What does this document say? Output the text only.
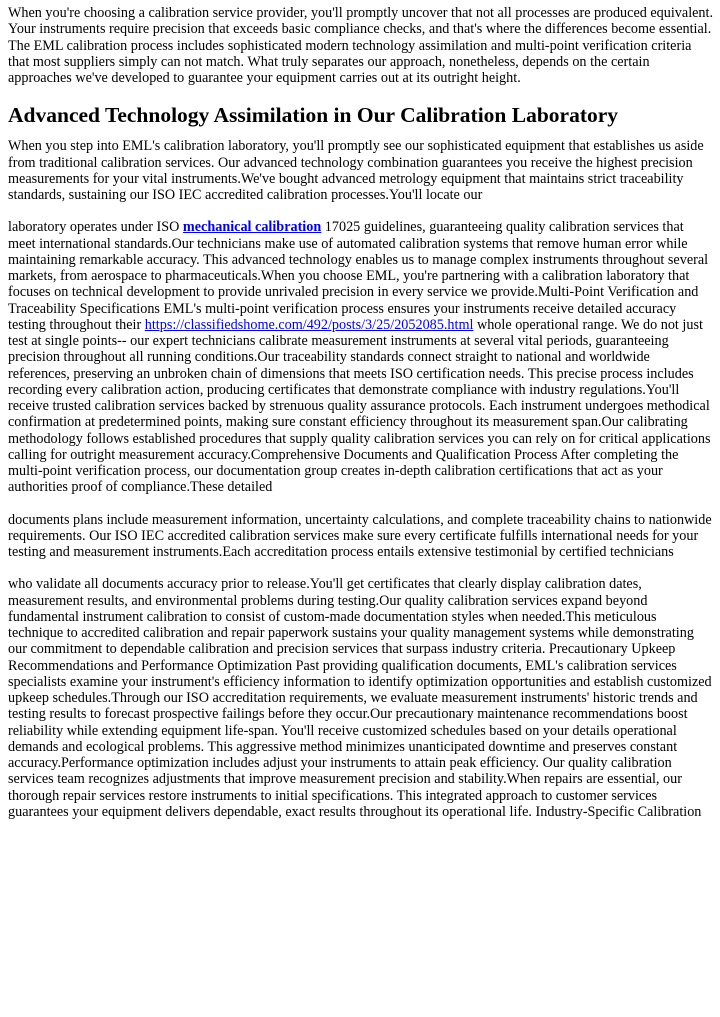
When you're choosing a calibration service provider, you'll promptly uncover that not all processes are produced equivalent. Your instruments require precision that exceeds basic compliance checks, and that's where the differences become essential. The EML calibration process includes sophisticated modern technology assimilation and multi-point verification criteria that most suppliers simply can not match. What truly separates our approach, nonetheless, depends on the certain approaches we've developed to guarantee your equipment carries out at its outright height.

Advanced Technology Assimilation in Our Calibration Laboratory

When you step into EML's calibration laboratory, you'll promptly see our sophisticated equipment that establishes us aside from traditional calibration services. Our advanced technology combination guarantees you receive the highest precision measurements for your vital instruments.We've bought advanced metrology equipment that maintains strict traceability standards, sustaining our ISO IEC accredited calibration processes.You'll locate our

laboratory operates under ISO mechanical calibration 17025 guidelines, guaranteeing quality calibration services that meet international standards.Our technicians make use of automated calibration systems that remove human error while maintaining remarkable accuracy. This advanced technology enables us to manage complex instruments throughout several markets, from aerospace to pharmaceuticals.When you choose EML, you're partnering with a calibration laboratory that focuses on technical development to provide unrivaled precision in every service we provide.Multi-Point Verification and Traceability Specifications EML's multi-point verification process ensures your instruments receive detailed accuracy testing throughout their https://classifiedshome.com/492/posts/3/25/2052085.html whole operational range. We do not just test at single points-- our expert technicians calibrate measurement instruments at several vital periods, guaranteeing precision throughout all running conditions.Our traceability standards connect straight to national and worldwide references, preserving an unbroken chain of dimensions that meets ISO certification needs. This precise process includes recording every calibration action, producing certificates that demonstrate compliance with industry regulations.You'll receive trusted calibration services backed by strenuous quality assurance protocols. Each instrument undergoes methodical confirmation at predetermined points, making sure constant efficiency throughout its measurement span.Our calibrating methodology follows established procedures that supply quality calibration services you can rely on for critical applications calling for outright measurement accuracy.Comprehensive Documents and Qualification Process After completing the multi-point verification process, our documentation group creates in-depth calibration certifications that act as your authorities proof of compliance.These detailed

documents plans include measurement information, uncertainty calculations, and complete traceability chains to nationwide requirements. Our ISO IEC accredited calibration services make sure every certificate fulfills international needs for your testing and measurement instruments.Each accreditation process entails extensive testimonial by certified technicians

who validate all documents accuracy prior to release.You'll get certificates that clearly display calibration dates, measurement results, and environmental problems during testing.Our quality calibration services expand beyond fundamental instrument calibration to consist of custom-made documentation styles when needed.This meticulous technique to accredited calibration and repair paperwork sustains your quality management systems while demonstrating our commitment to dependable calibration and precision services that surpass industry criteria. Precautionary Upkeep Recommendations and Performance Optimization Past providing qualification documents, EML's calibration services specialists examine your instrument's efficiency information to identify optimization opportunities and establish customized upkeep schedules.Through our ISO accreditation requirements, we evaluate measurement instruments' historic trends and testing results to forecast prospective failings before they occur.Our precautionary maintenance recommendations boost reliability while extending equipment life-span. You'll receive customized schedules based on your details operational demands and ecological problems. This aggressive method minimizes unanticipated downtime and preserves constant accuracy.Performance optimization includes adjust your instruments to attain peak efficiency. Our quality calibration services team recognizes adjustments that improve measurement precision and stability.When repairs are essential, our thorough repair services restore instruments to initial specifications. This integrated approach to customer services guarantees your equipment delivers dependable, exact results throughout its operational life. Industry-Specific Calibration
